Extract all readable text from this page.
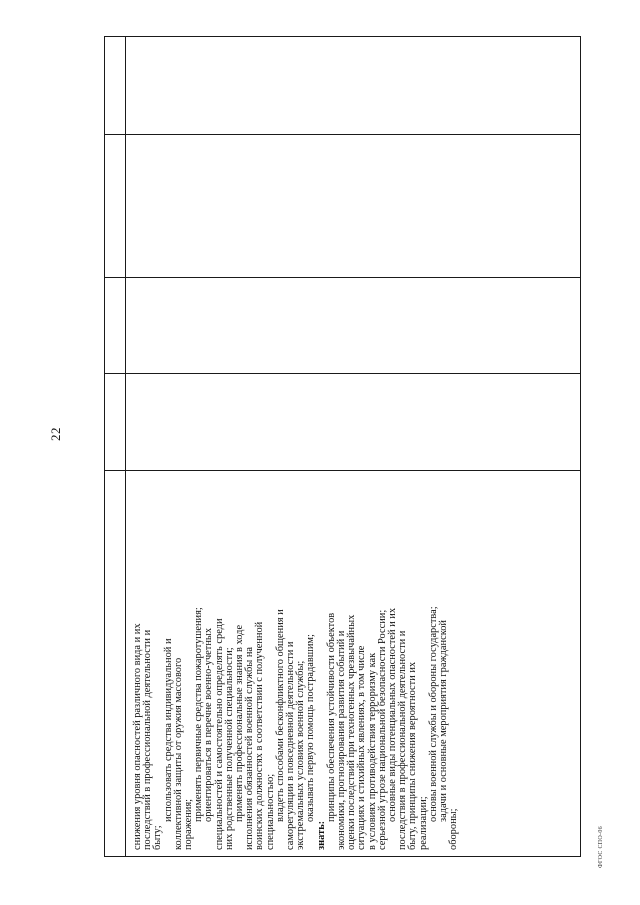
22
снижения уровня опасностей различного вида и их последствий в профессиональной деятельности и быту;
использовать средства индивидуальной и коллективной защиты от оружия массового поражения;
применять первичные средства пожаротушения; ориентироваться в перечне военно-учетных специальностей и самостоятельно определять среди них родственные полученной специальности; применять профессиональные знания в ходе исполнения обязанностей военной службы на воинских должностях в соответствии с полученной специальностью; владеть способами бесконфликтного общения и саморегуляции в повседневной деятельности и экстремальных условиях военной службы; оказывать первую помощь пострадавшим;
знать:
принципы обеспечения устойчивости объектов экономики, прогнозирования развития событий и оценки последствий при техногенных чрезвычайных ситуациях и стихийных явлениях, в том числе в условиях противодействия терроризму как серьезной угрозе национальной безопасности России; основные виды потенциальных опасностей и их последствия в профессиональной деятельности и быту, принципы снижения вероятности их реализации;
основы военной службы и обороны государства; задачи и основные мероприятия гражданской
обороны;	ФГОС СПО-06
